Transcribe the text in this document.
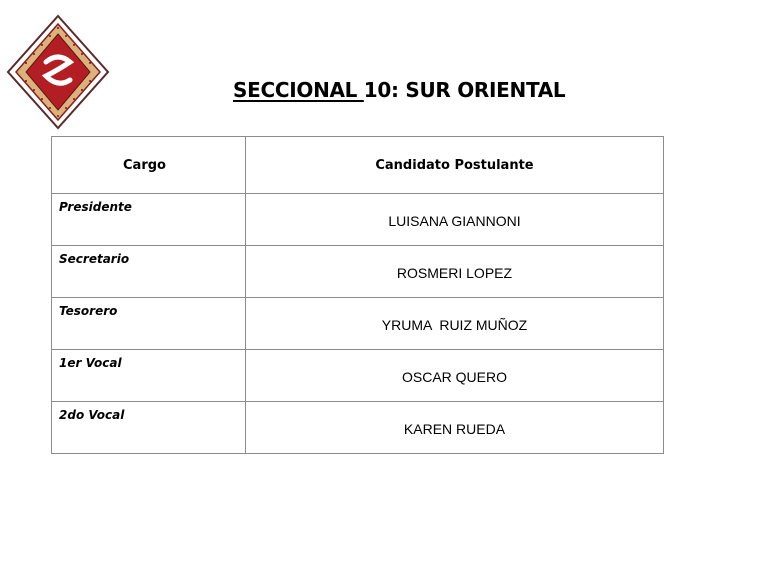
SECCIONAL 10: SUR ORIENTAL
Cargo	Candidato Postulante
Presidente	LUISANA GIANNONI
Secretario	ROSMERI LOPEZ
Tesorero	YRUMA  RUIZ MUÑOZ
1er Vocal	OSCAR QUERO
2do Vocal	KAREN RUEDA
